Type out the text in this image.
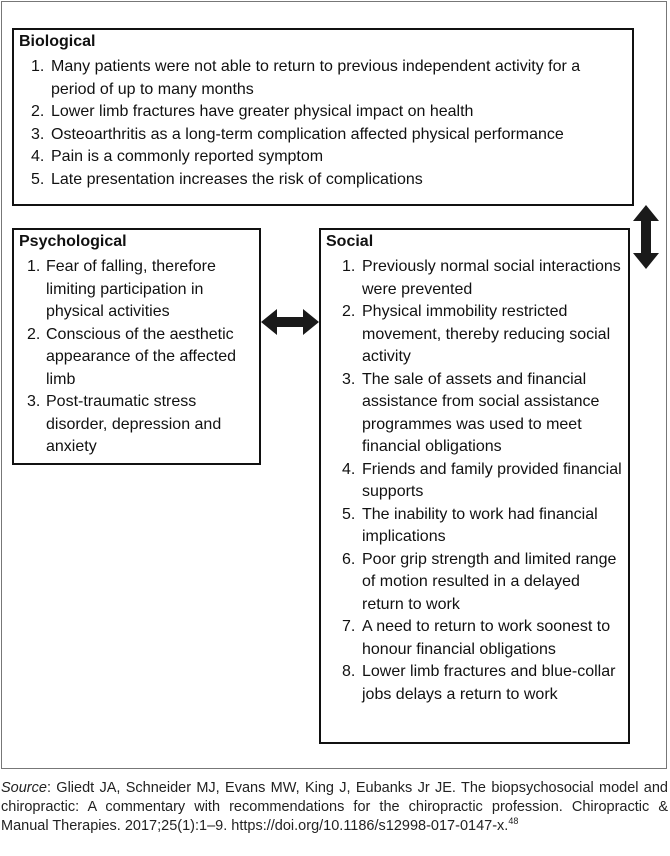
Biological
1. Many patients were not able to return to previous independent activity for a period of up to many months
2. Lower limb fractures have greater physical impact on health
3. Osteoarthritis as a long-term complication affected physical performance
4. Pain is a commonly reported symptom
5. Late presentation increases the risk of complications
Psychological
1. Fear of falling, therefore limiting participation in physical activities
2. Conscious of the aesthetic appearance of the affected limb
3. Post-traumatic stress disorder, depression and anxiety
Social
1. Previously normal social interactions were prevented
2. Physical immobility restricted movement, thereby reducing social activity
3. The sale of assets and financial assistance from social assistance programmes was used to meet financial obligations
4. Friends and family provided financial supports
5. The inability to work had financial implications
6. Poor grip strength and limited range of motion resulted in a delayed return to work
7. A need to return to work soonest to honour financial obligations
8. Lower limb fractures and blue-collar jobs delays a return to work
Source: Gliedt JA, Schneider MJ, Evans MW, King J, Eubanks Jr JE. The biopsychosocial model and chiropractic: A commentary with recommendations for the chiropractic profession. Chiropractic & Manual Therapies. 2017;25(1):1–9. https://doi.org/10.1186/s12998-017-0147-x.$^{48}$
